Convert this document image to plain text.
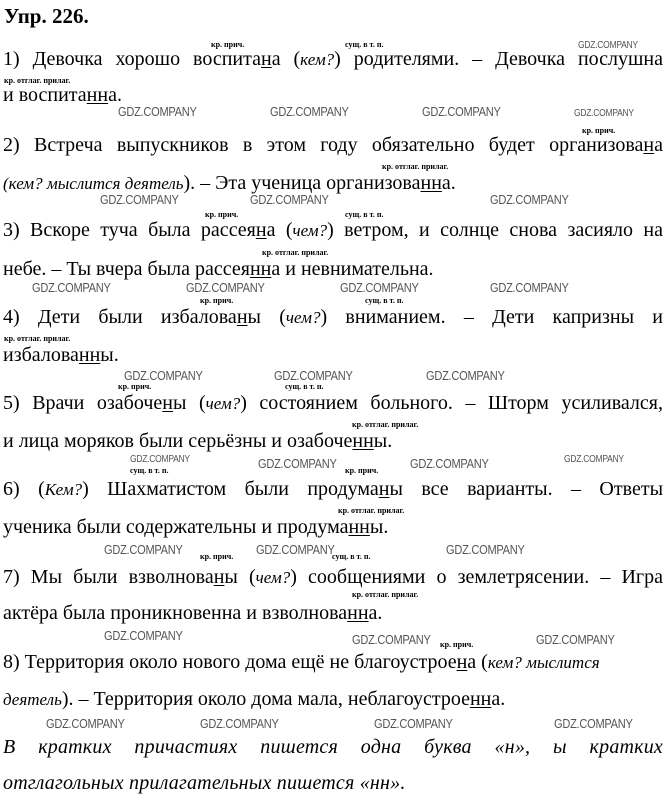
Упр. 226.
кр. прич.	сущ. в т. п.
кр. отглаг. прилаг.
1) Девочка хорошо воспитана (кем?) родителями. – Девочка послушна
и воспитанна.
кр. прич.
кр. отглаг. прилаг.
2) Встреча выпускников в этом году обязательно будет организована
(кем? мыслится деятель). – Эта ученица организованна.
кр. прич.	сущ. в т. п.
кр. отглаг. прилаг.
3) Вскоре туча была рассеяна (чем?) ветром, и солнце снова засияло на
небе. – Ты вчера была рассеянна и невнимательна.
кр. прич.	сущ. в т. п.
кр. отглаг. прилаг.
4) Дети были избалованы (чем?) вниманием. – Дети капризны и
избалованны.
кр. прич.	сущ. в т. п.
кр. отглаг. прилаг.
5) Врачи озабочены (чем?) состоянием больного. – Шторм усиливался,
и лица моряков были серьёзны и озабоченны.
сущ. в т. п.	кр. прич.
кр. отглаг. прилаг.
6) (Кем?) Шахматистом были продуманы все варианты. – Ответы
ученика были содержательны и продуманны.
кр. прич.	сущ. в т. п.
кр. отглаг. прилаг.
7) Мы были взволнованы (чем?) сообщениями о землетрясении. – Игра
актёра была проникновенна и взволнованна.
кр. прич.
8) Территория около нового дома ещё не благоустроена (кем? мыслится
деятель). – Территория около дома мала, неблагоустроенна.
В кратких причастиях пишется одна буква «н», ы кратких
отглагольных прилагательных пишется «нн».
GDZ.COMPANY
GDZ.COMPANY	GDZ.COMPANY	GDZ.COMPANY	GDZ.COMPANY
GDZ.COMPANY	GDZ.COMPANY	GDZ.COMPANY
GDZ.COMPANY	GDZ.COMPANY	GDZ.COMPANY	GDZ.COMPANY
GDZ.COMPANY	GDZ.COMPANY	GDZ.COMPANY
GDZ.COMPANY	GDZ.COMPANY	GDZ.COMPANY	GDZ.COMPANY
GDZ.COMPANY	GDZ.COMPANY	GDZ.COMPANY
GDZ.COMPANY	GDZ.COMPANY	GDZ.COMPANY
GDZ.COMPANY	GDZ.COMPANY	GDZ.COMPANY	GDZ.COMPANY
